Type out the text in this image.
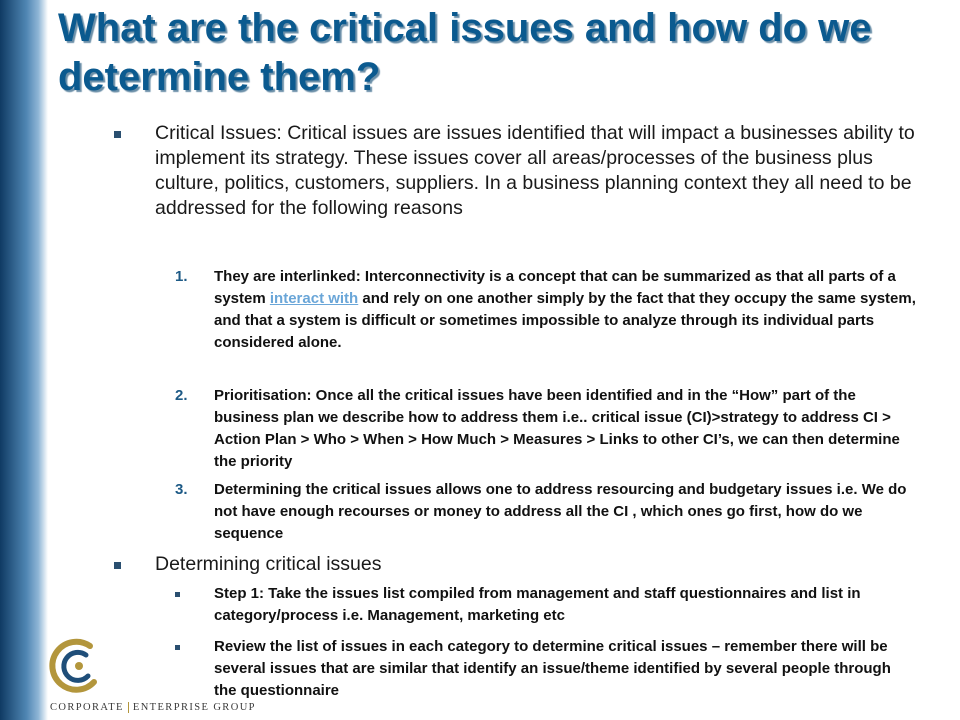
What are the critical issues and how do we determine them?
Critical Issues: Critical issues are issues identified that will impact a businesses ability to implement its strategy. These issues cover all areas/processes of the business plus culture, politics, customers, suppliers. In a business planning context they all need to be addressed for the following reasons
1. They are interlinked: Interconnectivity is a concept that can be summarized as that all parts of a system interact with and rely on one another simply by the fact that they occupy the same system, and that a system is difficult or sometimes impossible to analyze through its individual parts considered alone.
2. Prioritisation: Once all the critical issues have been identified and in the “How” part of the business plan we describe how to address them i.e.. critical issue (CI)>strategy to address CI > Action Plan > Who > When > How Much > Measures > Links to other CI’s, we can then determine the priority
3. Determining the critical issues allows one to address resourcing and budgetary issues i.e. We do not have enough recourses or money to address all the CI , which ones go first, how do we sequence
Determining critical issues
Step 1: Take the issues list compiled from management and staff questionnaires and list in category/process i.e. Management, marketing etc
Review the list of issues in each category to determine critical issues – remember there will be several issues that are similar that identify an issue/theme identified by several people through the questionnaire
CORPORATE ENTERPRISE GROUP
